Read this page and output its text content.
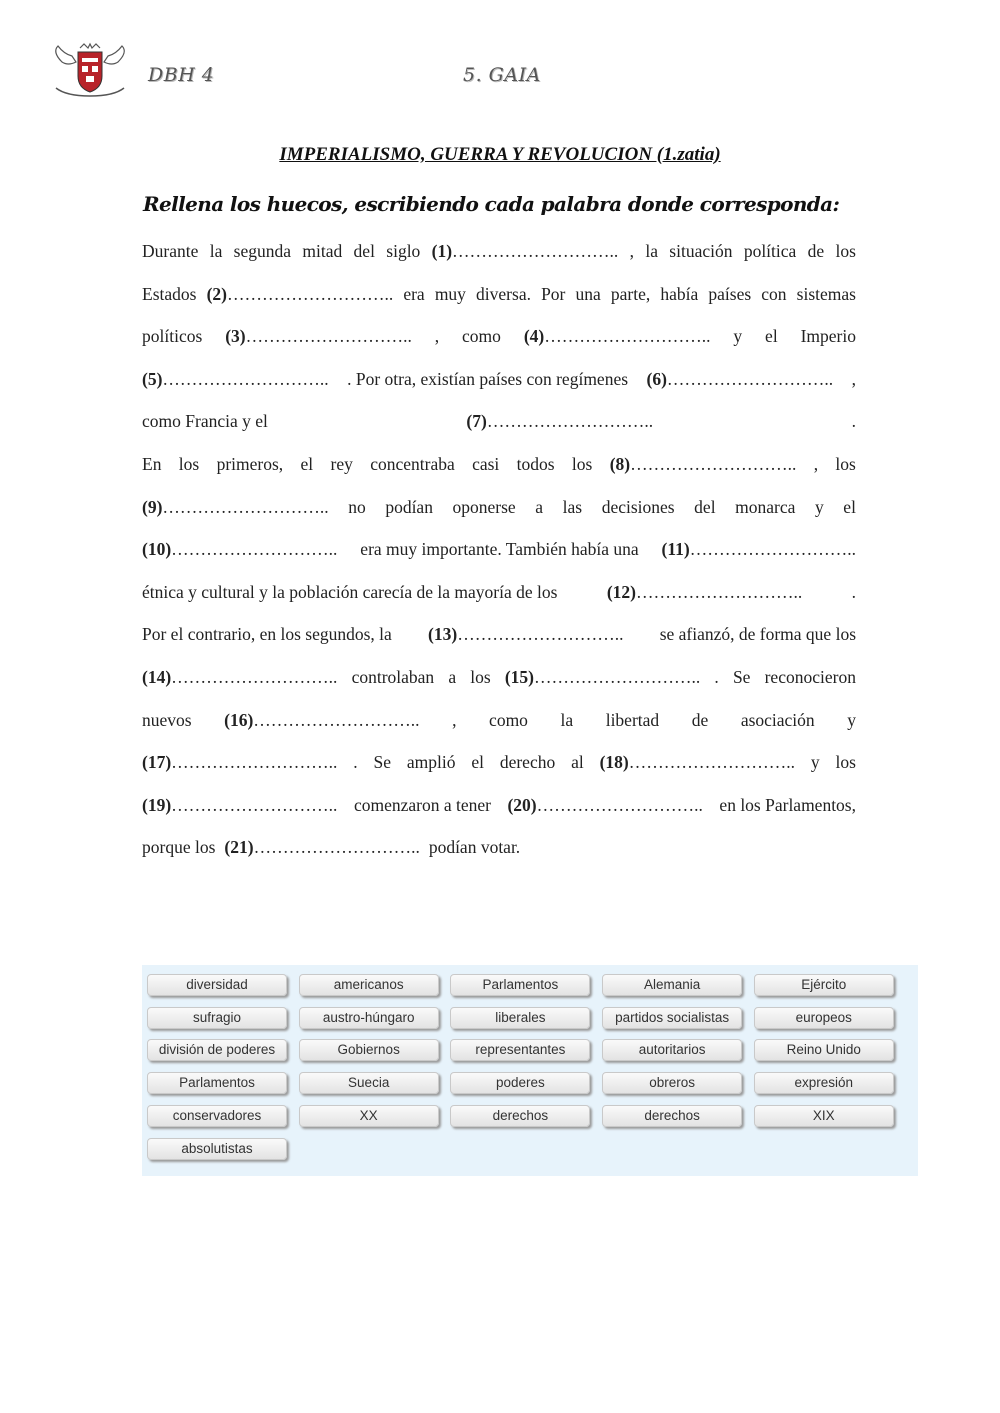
DBH 4	5. GAIA
IMPERIALISMO, GUERRA Y REVOLUCION (1.zatia)
Rellena los huecos, escribiendo cada palabra donde corresponda:
Durante la segunda mitad del siglo (1)……………………….. , la situación política de los
Estados (2)……………………….. era muy diversa. Por una parte, había países con sistemas
políticos (3)……………………….. , como (4)……………………….. y el Imperio
(5)……………………….. . Por otra, existían países con regímenes (6)……………………….. ,
como Francia y el	(7)………………………..	.
En los primeros, el rey concentraba casi todos los (8)……………………….. , los
(9)……………………….. no podían oponerse a las decisiones del monarca y el
(10)……………………….. era muy importante. También había una (11)………………………..
étnica y cultural y la población carecía de la mayoría de los	(12)………………………..	.
Por el contrario, en los segundos, la (13)……………………….. se afianzó, de forma que los
(14)……………………….. controlaban a los (15)……………………….. . Se reconocieron
nuevos (16)……………………….. , como la libertad de asociación y
(17)……………………….. . Se amplió el derecho al (18)……………………….. y los
(19)……………………….. comenzaron a tener (20)……………………….. en los Parlamentos,
porque los (21)……………………….. podían votar.
diversidad	americanos	Parlamentos	Alemania	Ejército
sufragio	austro-húngaro	liberales	partidos socialistas	europeos
división de poderes	Gobiernos	representantes	autoritarios	Reino Unido
Parlamentos	Suecia	poderes	obreros	expresión
conservadores	XX	derechos	derechos	XIX
absolutistas
